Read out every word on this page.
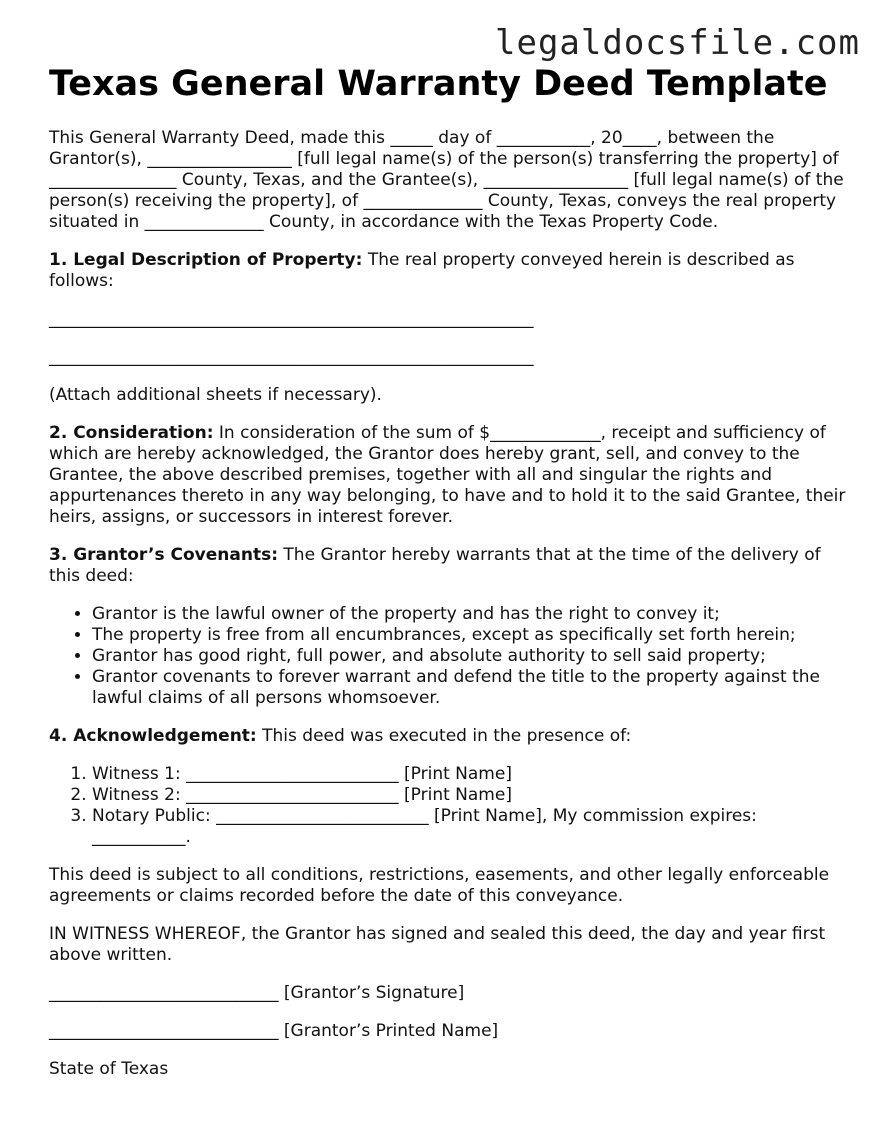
legaldocsfile.com
Texas General Warranty Deed Template

This General Warranty Deed, made this _____ day of ___________, 20____, between the Grantor(s), _________________ [full legal name(s) of the person(s) transferring the property] of _______________ County, Texas, and the Grantee(s), _________________ [full legal name(s) of the person(s) receiving the property], of ______________ County, Texas, conveys the real property situated in ______________ County, in accordance with the Texas Property Code.

1. Legal Description of Property: The real property conveyed herein is described as follows:

_________________________________________________________

_________________________________________________________

(Attach additional sheets if necessary).

2. Consideration: In consideration of the sum of $_____________, receipt and sufficiency of which are hereby acknowledged, the Grantor does hereby grant, sell, and convey to the Grantee, the above described premises, together with all and singular the rights and appurtenances thereto in any way belonging, to have and to hold it to the said Grantee, their heirs, assigns, or successors in interest forever.

3. Grantor’s Covenants: The Grantor hereby warrants that at the time of the delivery of this deed:

• Grantor is the lawful owner of the property and has the right to convey it;
• The property is free from all encumbrances, except as specifically set forth herein;
• Grantor has good right, full power, and absolute authority to sell said property;
• Grantor covenants to forever warrant and defend the title to the property against the lawful claims of all persons whomsoever.

4. Acknowledgement: This deed was executed in the presence of:

1. Witness 1: _________________________ [Print Name]
2. Witness 2: _________________________ [Print Name]
3. Notary Public: _________________________ [Print Name], My commission expires: ___________.

This deed is subject to all conditions, restrictions, easements, and other legally enforceable agreements or claims recorded before the date of this conveyance.

IN WITNESS WHEREOF, the Grantor has signed and sealed this deed, the day and year first above written.

___________________________ [Grantor’s Signature]

___________________________ [Grantor’s Printed Name]

State of Texas
